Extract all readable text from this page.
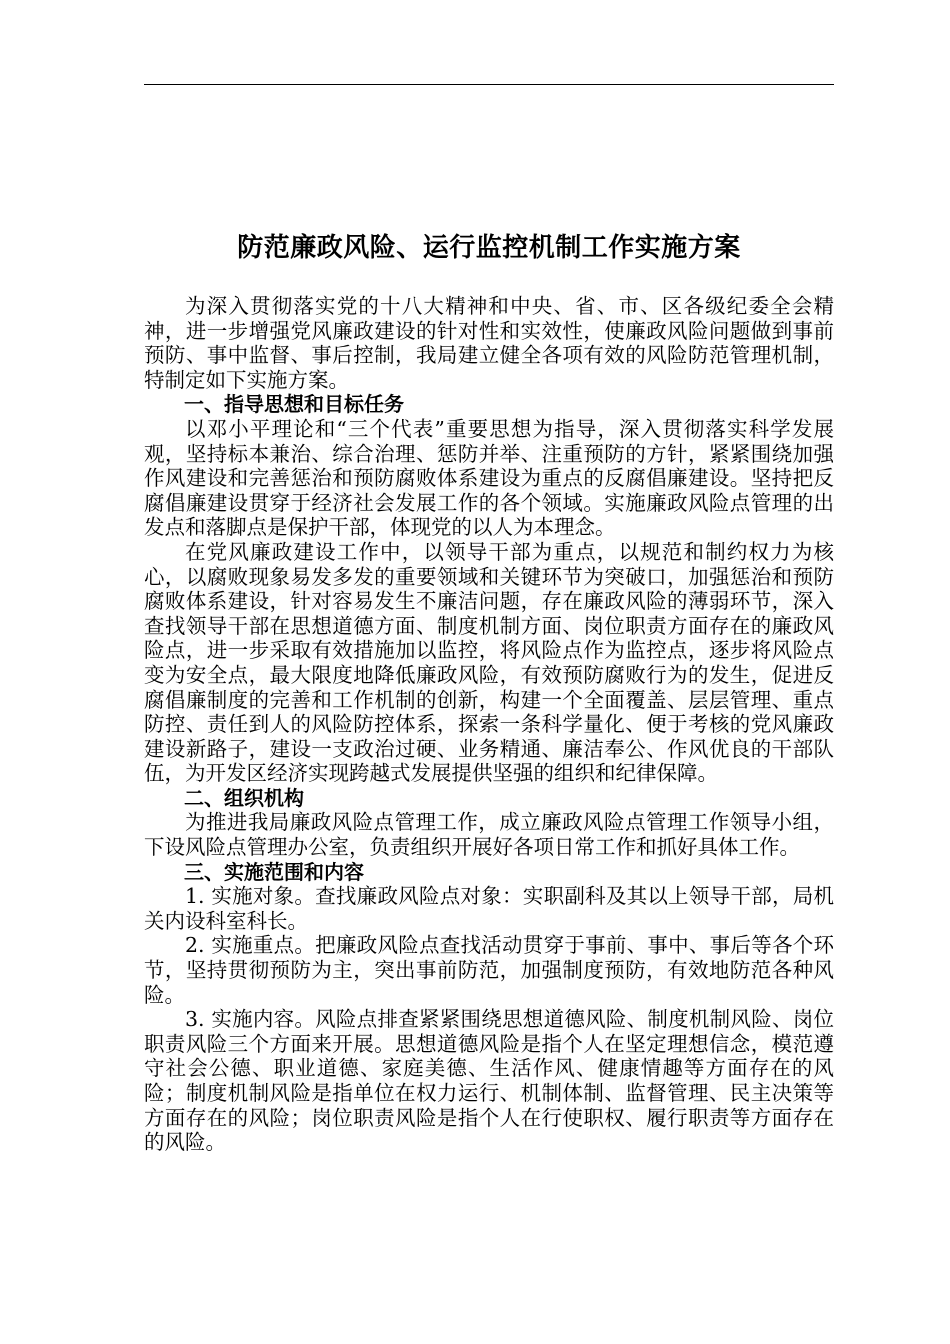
防范廉政风险、运行监控机制工作实施方案

为深入贯彻落实党的十八大精神和中央、省、市、区各级纪委全会精神，进一步增强党风廉政建设的针对性和实效性，使廉政风险问题做到事前预防、事中监督、事后控制，我局建立健全各项有效的风险防范管理机制，特制定如下实施方案。

一、指导思想和目标任务

以邓小平理论和“三个代表”重要思想为指导，深入贯彻落实科学发展观，坚持标本兼治、综合治理、惩防并举、注重预防的方针，紧紧围绕加强作风建设和完善惩治和预防腐败体系建设为重点的反腐倡廉建设。坚持把反腐倡廉建设贯穿于经济社会发展工作的各个领域。实施廉政风险点管理的出发点和落脚点是保护干部，体现党的以人为本理念。

在党风廉政建设工作中，以领导干部为重点，以规范和制约权力为核心，以腐败现象易发多发的重要领域和关键环节为突破口，加强惩治和预防腐败体系建设，针对容易发生不廉洁问题，存在廉政风险的薄弱环节，深入查找领导干部在思想道德方面、制度机制方面、岗位职责方面存在的廉政风险点，进一步采取有效措施加以监控，将风险点作为监控点，逐步将风险点变为安全点，最大限度地降低廉政风险，有效预防腐败行为的发生，促进反腐倡廉制度的完善和工作机制的创新，构建一个全面覆盖、层层管理、重点防控、责任到人的风险防控体系，探索一条科学量化、便于考核的党风廉政建设新路子，建设一支政治过硬、业务精通、廉洁奉公、作风优良的干部队伍，为开发区经济实现跨越式发展提供坚强的组织和纪律保障。

二、组织机构

为推进我局廉政风险点管理工作，成立廉政风险点管理工作领导小组，下设风险点管理办公室，负责组织开展好各项日常工作和抓好具体工作。

三、实施范围和内容

1. 实施对象。查找廉政风险点对象：实职副科及其以上领导干部，局机关内设科室科长。

2. 实施重点。把廉政风险点查找活动贯穿于事前、事中、事后等各个环节，坚持贯彻预防为主，突出事前防范，加强制度预防，有效地防范各种风险。

3. 实施内容。风险点排查紧紧围绕思想道德风险、制度机制风险、岗位职责风险三个方面来开展。思想道德风险是指个人在坚定理想信念，模范遵守社会公德、职业道德、家庭美德、生活作风、健康情趣等方面存在的风险；制度机制风险是指单位在权力运行、机制体制、监督管理、民主决策等方面存在的风险；岗位职责风险是指个人在行使职权、履行职责等方面存在的风险。
